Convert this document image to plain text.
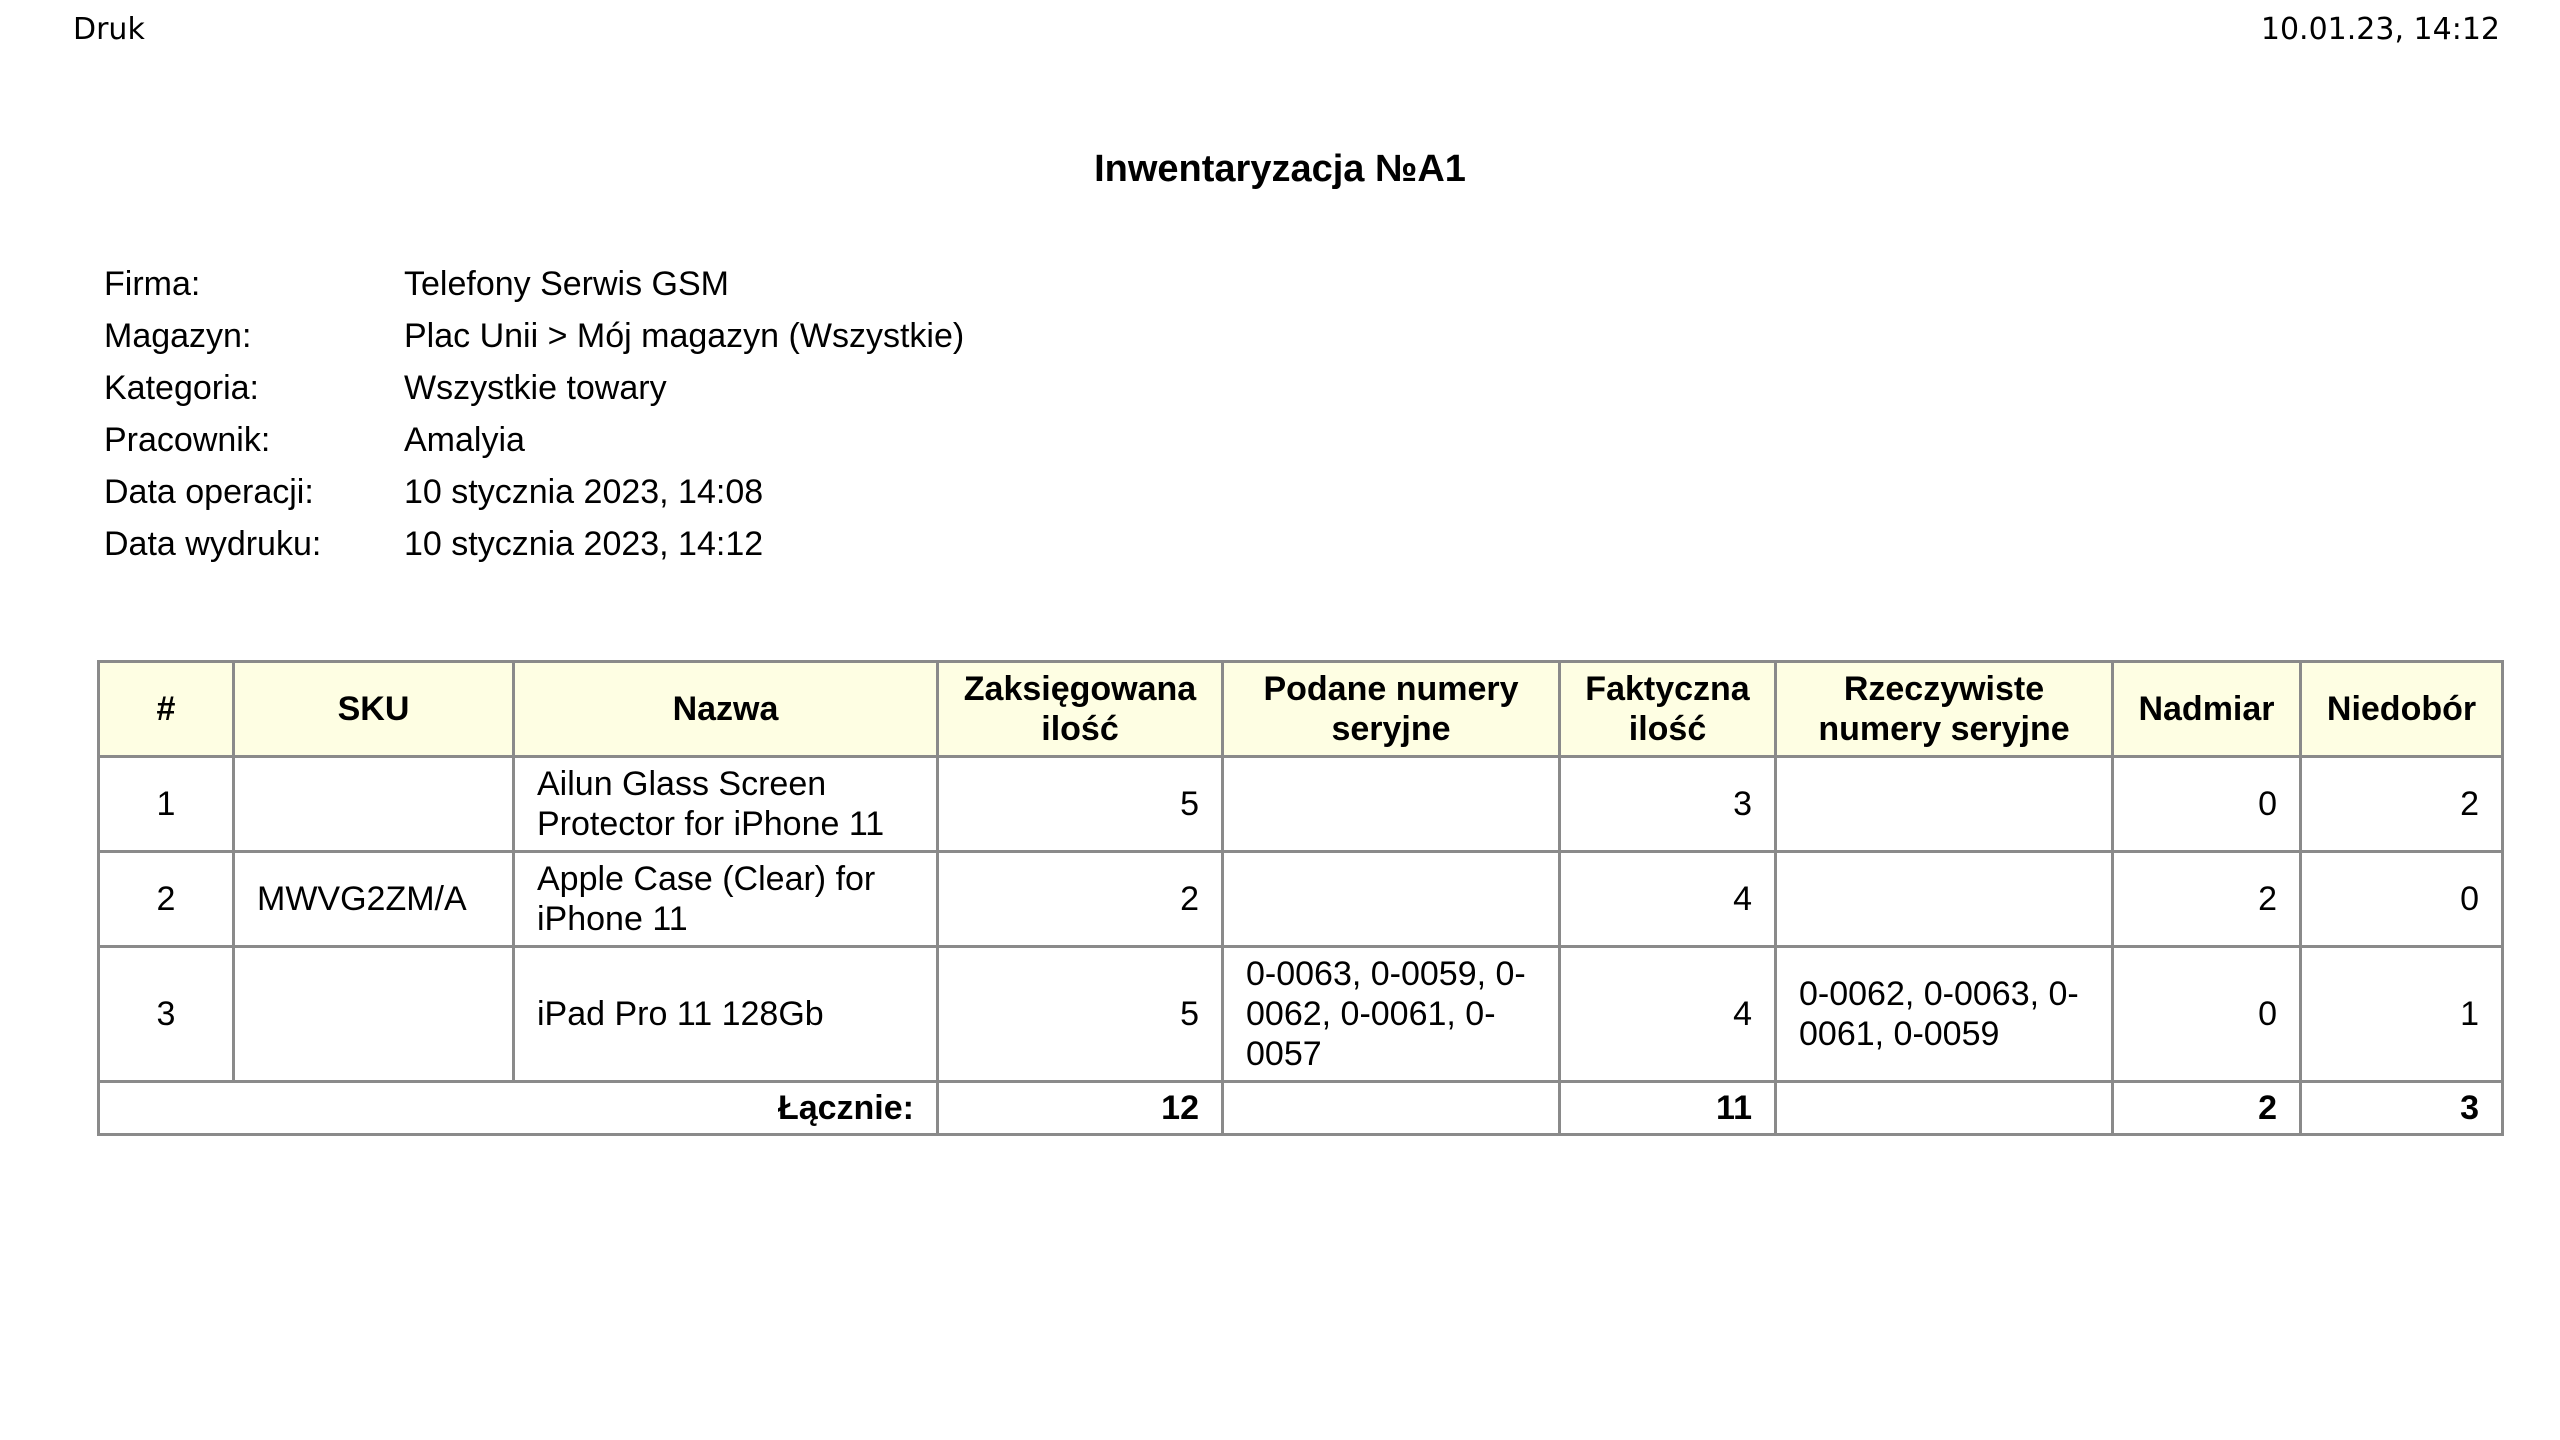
Druk	10.01.23, 14:12
Inwentaryzacja №A1
Firma:	Telefony Serwis GSM
Magazyn:	Plac Unii > Mój magazyn (Wszystkie)
Kategoria:	Wszystkie towary
Pracownik:	Amalyia
Data operacji:	10 stycznia 2023, 14:08
Data wydruku:	10 stycznia 2023, 14:12
#	SKU	Nazwa	Zaksięgowana ilość	Podane numery seryjne	Faktyczna ilość	Rzeczywiste numery seryjne	Nadmiar	Niedobór
1		Ailun Glass Screen Protector for iPhone 11	5		3		0	2
2	MWVG2ZM/A	Apple Case (Clear) for iPhone 11	2		4		2	0
3		iPad Pro 11 128Gb	5	0-0063, 0-0059, 0-0062, 0-0061, 0-0057	4	0-0062, 0-0063, 0-0061, 0-0059	0	1
Łącznie:			12		11		2	3
